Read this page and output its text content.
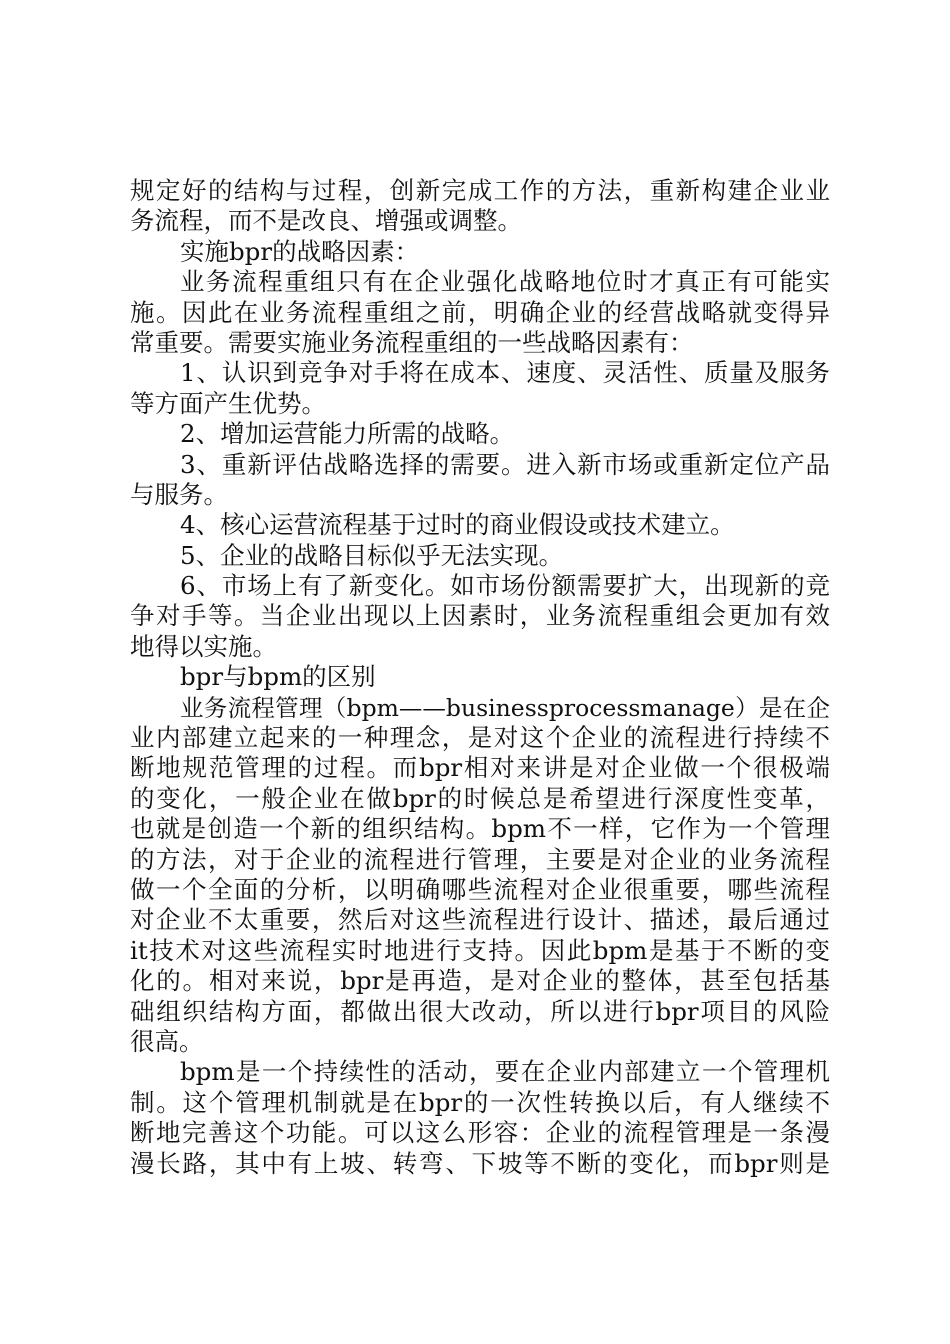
规定好的结构与过程，创新完成工作的方法，重新构建企业业
务流程，而不是改良、增强或调整。
实施bpr的战略因素：
业务流程重组只有在企业强化战略地位时才真正有可能实
施。因此在业务流程重组之前，明确企业的经营战略就变得异
常重要。需要实施业务流程重组的一些战略因素有：
1、认识到竞争对手将在成本、速度、灵活性、质量及服务
等方面产生优势。
2、增加运营能力所需的战略。
3、重新评估战略选择的需要。进入新市场或重新定位产品
与服务。
4、核心运营流程基于过时的商业假设或技术建立。
5、企业的战略目标似乎无法实现。
6、市场上有了新变化。如市场份额需要扩大，出现新的竞
争对手等。当企业出现以上因素时，业务流程重组会更加有效
地得以实施。
bpr与bpm的区别
业务流程管理（bpm——businessprocessmanage）是在企
业内部建立起来的一种理念，是对这个企业的流程进行持续不
断地规范管理的过程。而bpr相对来讲是对企业做一个很极端
的变化，一般企业在做bpr的时候总是希望进行深度性变革，
也就是创造一个新的组织结构。bpm不一样，它作为一个管理
的方法，对于企业的流程进行管理，主要是对企业的业务流程
做一个全面的分析，以明确哪些流程对企业很重要，哪些流程
对企业不太重要，然后对这些流程进行设计、描述，最后通过
it技术对这些流程实时地进行支持。因此bpm是基于不断的变
化的。相对来说，bpr是再造，是对企业的整体，甚至包括基
础组织结构方面，都做出很大改动，所以进行bpr项目的风险
很高。
bpm是一个持续性的活动，要在企业内部建立一个管理机
制。这个管理机制就是在bpr的一次性转换以后，有人继续不
断地完善这个功能。可以这么形容：企业的流程管理是一条漫
漫长路，其中有上坡、转弯、下坡等不断的变化，而bpr则是
